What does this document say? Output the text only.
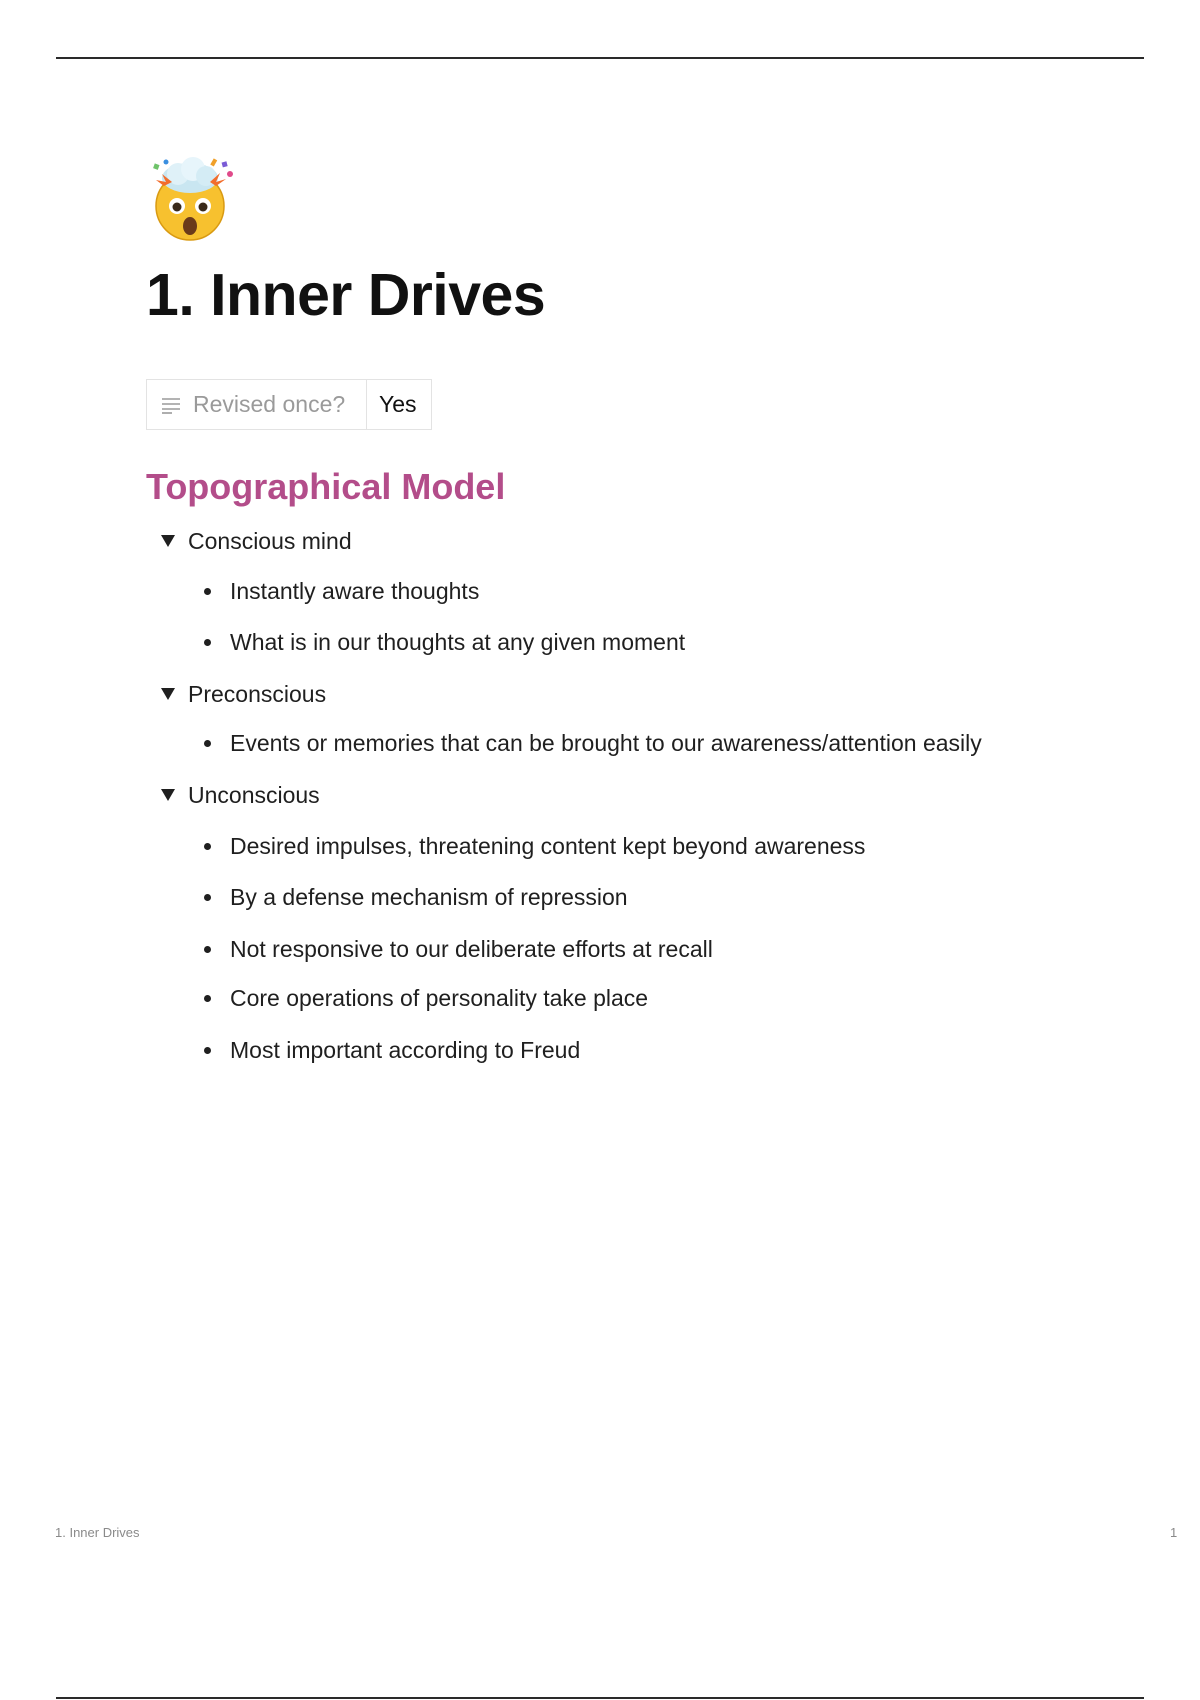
1. Inner Drives
Revised once? Yes
Topographical Model
Conscious mind
Instantly aware thoughts
What is in our thoughts at any given moment
Preconscious
Events or memories that can be brought to our awareness/attention easily
Unconscious
Desired impulses, threatening content kept beyond awareness
By a defense mechanism of repression
Not responsive to our deliberate efforts at recall
Core operations of personality take place
Most important according to Freud
1. Inner Drives	1
